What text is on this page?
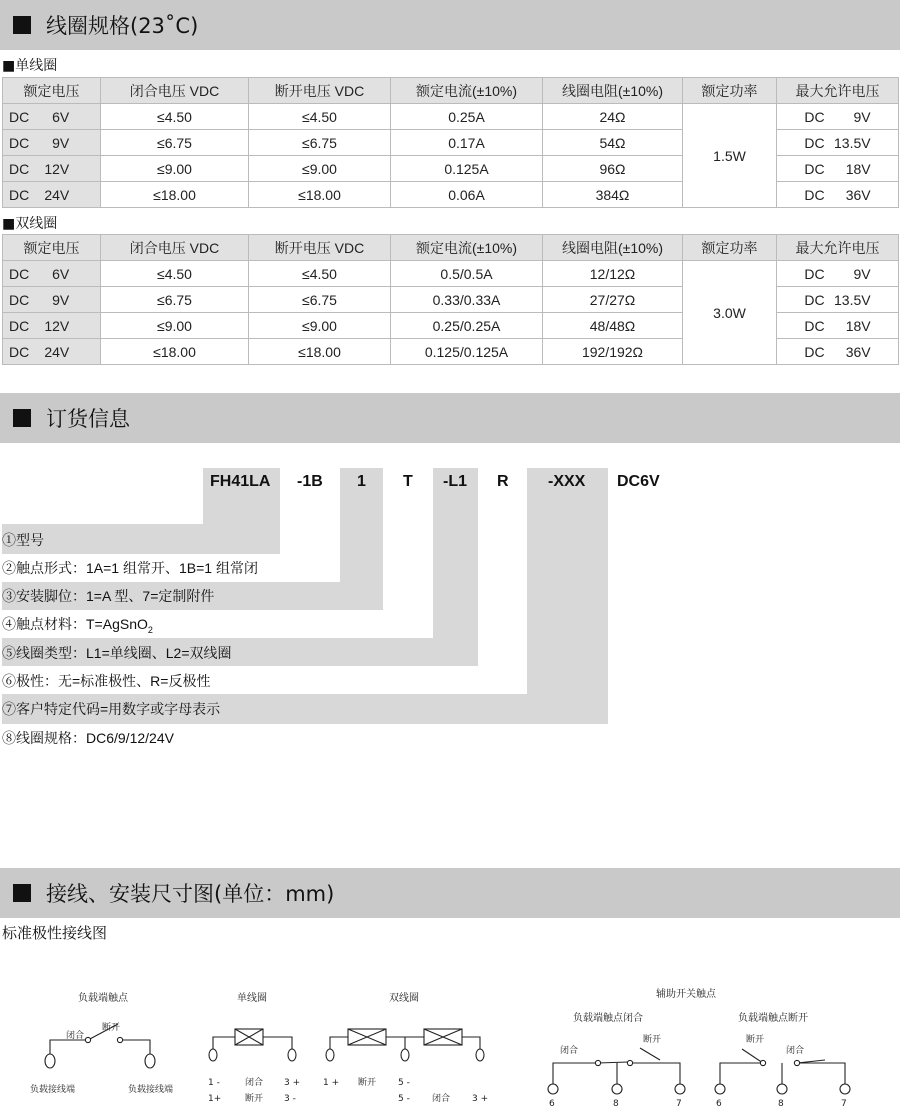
线圈规格(23˚C)
■单线圈
额定电压	闭合电压 VDC	断开电压 VDC	额定电流(±10%)	线圈电阻(±10%)	额定功率	最大允许电压
DC 6V	≤4.50	≤4.50	0.25A	24Ω	1.5W	DC 9V
DC 9V	≤6.75	≤6.75	0.17A	54Ω		DC 13.5V
DC 12V	≤9.00	≤9.00	0.125A	96Ω		DC 18V
DC 24V	≤18.00	≤18.00	0.06A	384Ω		DC 36V
■双线圈
额定电压	闭合电压 VDC	断开电压 VDC	额定电流(±10%)	线圈电阻(±10%)	额定功率	最大允许电压
DC 6V	≤4.50	≤4.50	0.5/0.5A	12/12Ω	3.0W	DC 9V
DC 9V	≤6.75	≤6.75	0.33/0.33A	27/27Ω		DC 13.5V
DC 12V	≤9.00	≤9.00	0.25/0.25A	48/48Ω		DC 18V
DC 24V	≤18.00	≤18.00	0.125/0.125A	192/192Ω		DC 36V
订货信息
FH41LA -1B 1 T -L1 R -XXX DC6V
①型号
②触点形式：1A=1 组常开、1B=1 组常闭
③安装脚位：1=A 型、7=定制附件
④触点材料：T=AgSnO$_2$
⑤线圈类型：L1=单线圈、L2=双线圈
⑥极性：无=标准极性、R=反极性
⑦客户特定代码=用数字或字母表示
⑧线圈规格：DC6/9/12/24V
接线、安装尺寸图(单位：mm)
标准极性接线图
负载端触点
闭合
断开
负载接线端	负载接线端
单线圈
1 -
1+
闭合
断开
3 +
3 -
双线圈
1 + 断开 5 -
5 - 闭合 3 +
辅助开关触点
负载端触点闭合
闭合
断开
6	8	7
负载端触点断开
断开
闭合
6	8	7
